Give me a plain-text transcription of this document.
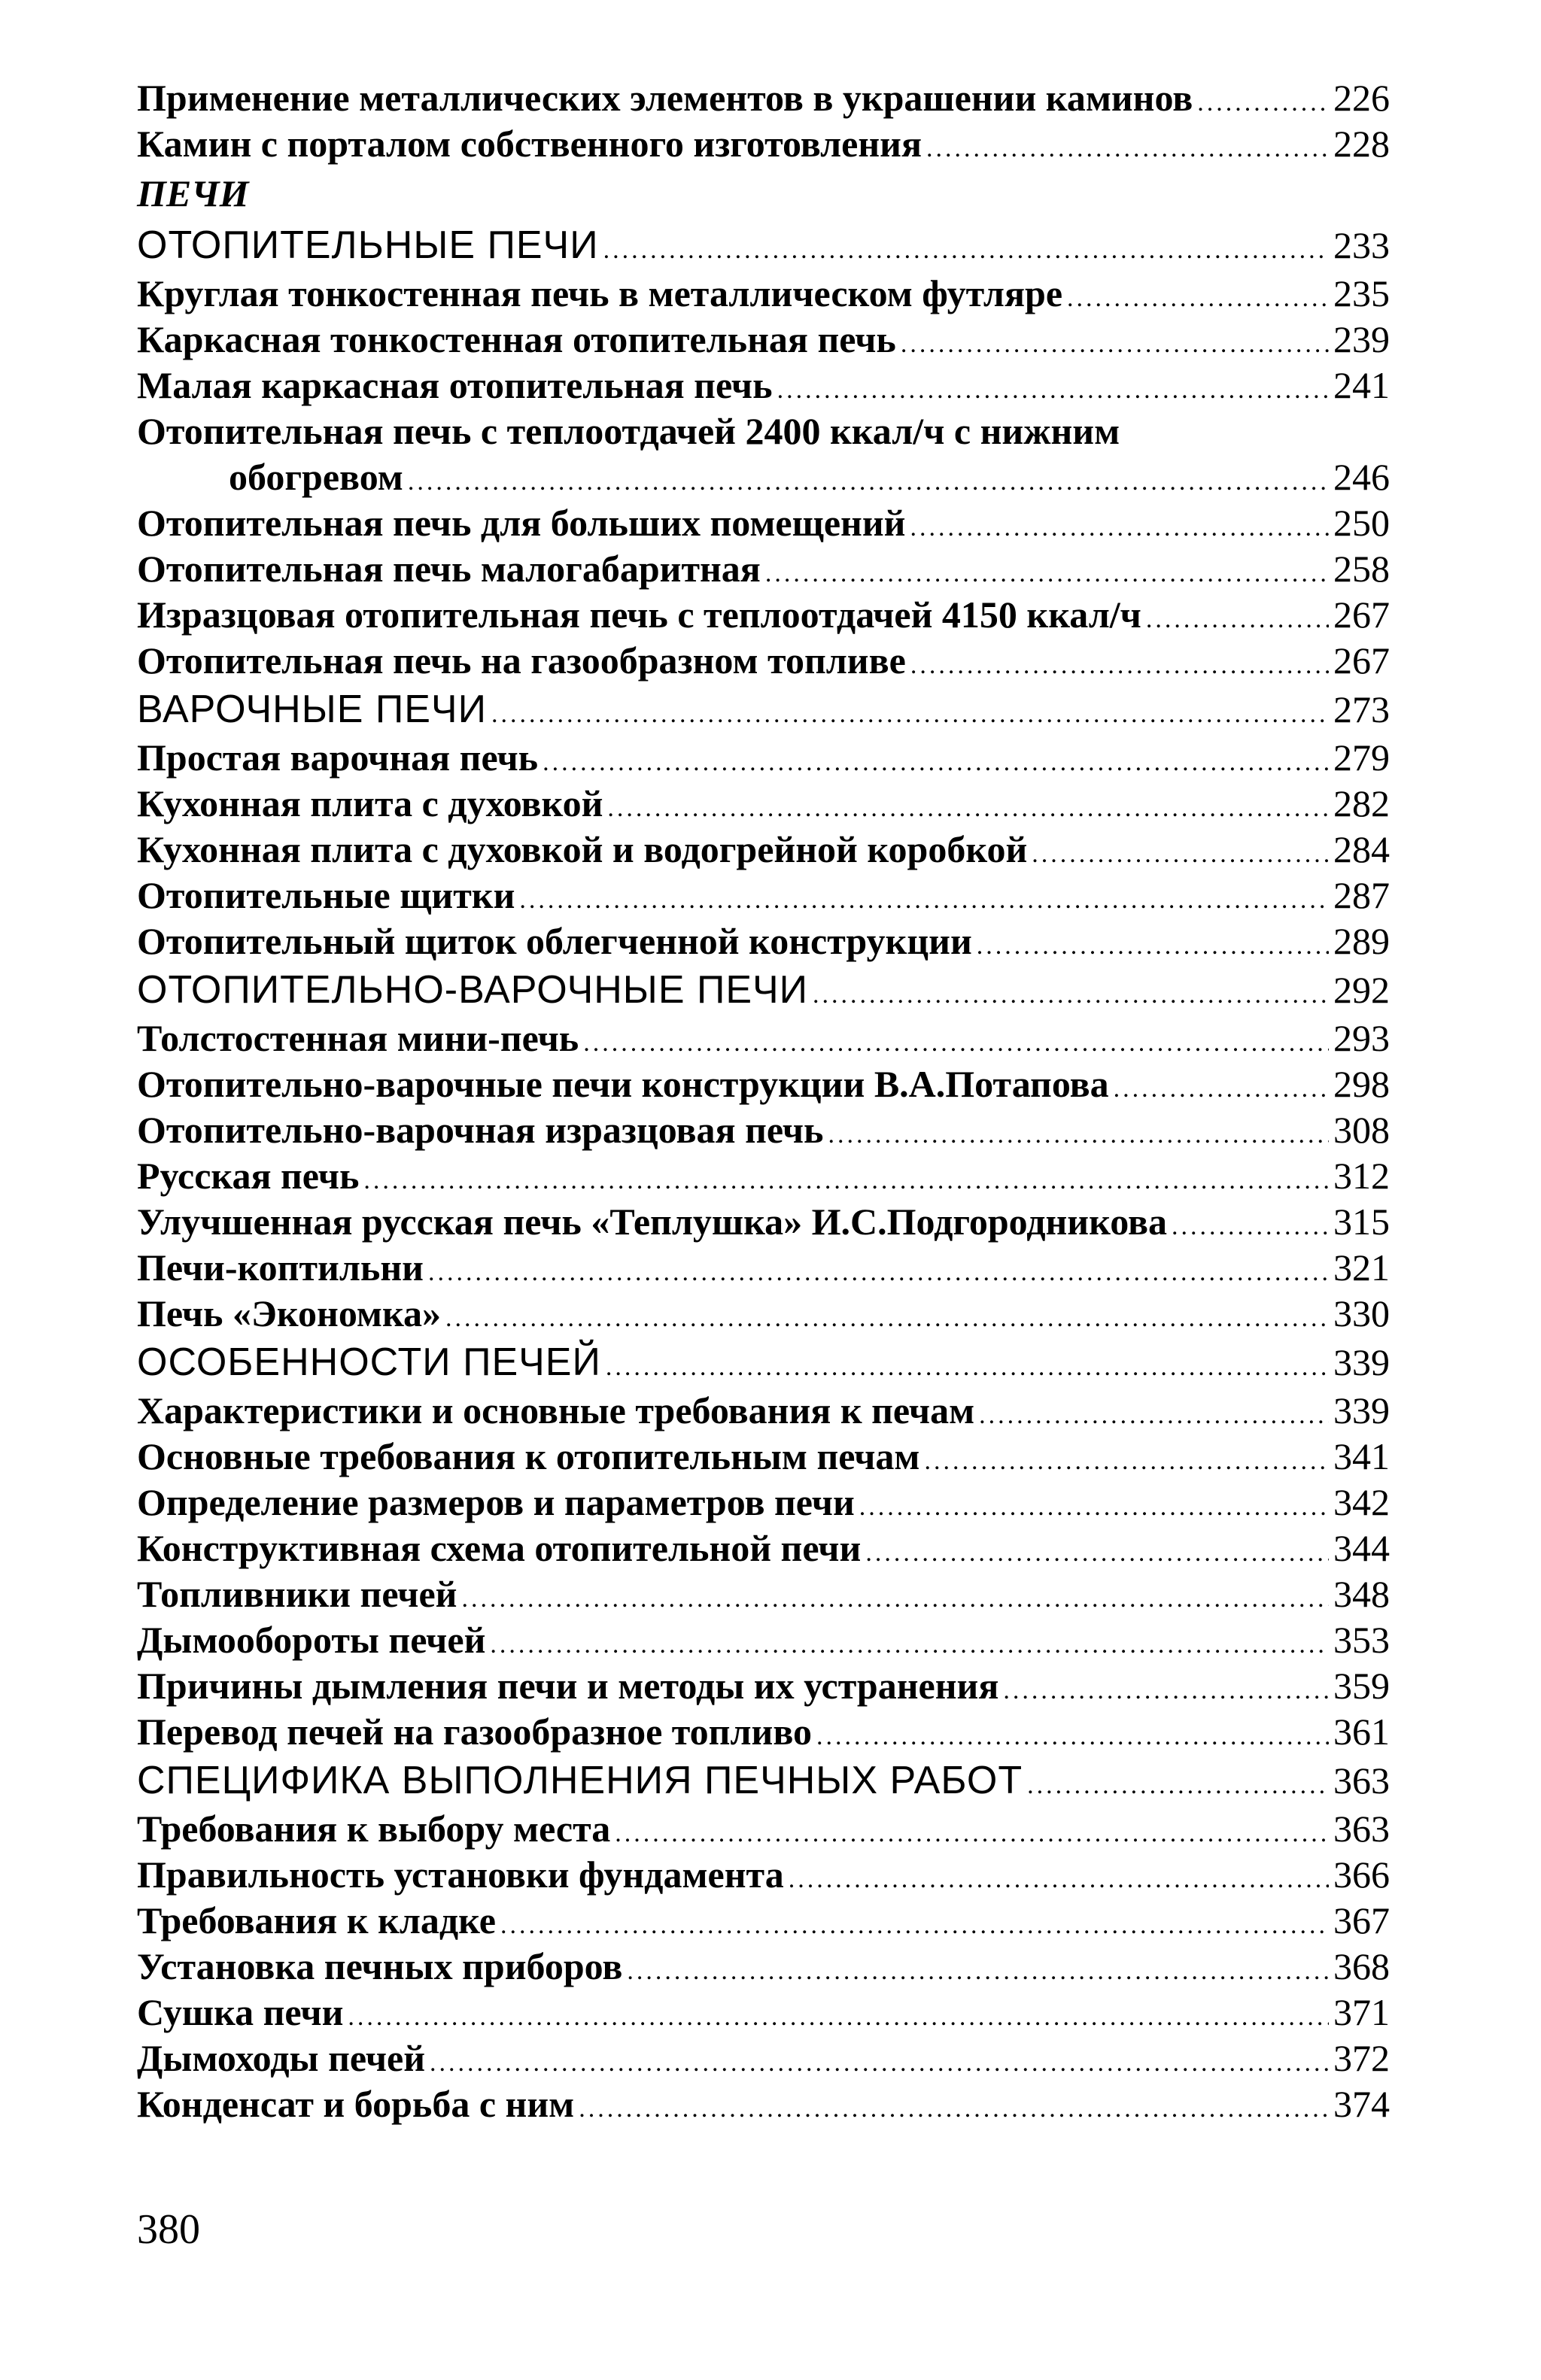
Применение металлических элементов в украшении каминов .....	226
Камин с порталом собственного изготовления .....	228
ПЕЧИ
ОТОПИТЕЛЬНЫЕ ПЕЧИ .....	233
Круглая тонкостенная печь в металлическом футляре .....	235
Каркасная тонкостенная отопительная печь .....	239
Малая каркасная отопительная печь .....	241
Отопительная печь с теплоотдачей 2400 ккал/ч с нижним
обогревом .....	246
Отопительная печь для больших помещений .....	250
Отопительная печь малогабаритная .....	258
Изразцовая отопительная печь с теплоотдачей 4150 ккал/ч .....	267
Отопительная печь на газообразном топливе .....	267
ВАРОЧНЫЕ ПЕЧИ .....	273
Простая варочная печь .....	279
Кухонная плита с духовкой .....	282
Кухонная плита с духовкой и водогрейной коробкой .....	284
Отопительные щитки .....	287
Отопительный щиток облегченной конструкции .....	289
ОТОПИТЕЛЬНО-ВАРОЧНЫЕ ПЕЧИ .....	292
Толстостенная мини-печь .....	293
Отопительно-варочные печи конструкции В.А.Потапова .....	298
Отопительно-варочная изразцовая печь .....	308
Русская печь .....	312
Улучшенная русская печь «Теплушка» И.С.Подгородникова .....	315
Печи-коптильни .....	321
Печь «Экономка» .....	330
ОСОБЕННОСТИ ПЕЧЕЙ .....	339
Характеристики и основные требования к печам .....	339
Основные требования к отопительным печам .....	341
Определение размеров и параметров печи .....	342
Конструктивная схема отопительной печи .....	344
Топливники печей .....	348
Дымообороты печей .....	353
Причины дымления печи и методы их устранения .....	359
Перевод печей на газообразное топливо .....	361
СПЕЦИФИКА ВЫПОЛНЕНИЯ ПЕЧНЫХ РАБОТ .....	363
Требования к выбору места .....	363
Правильность установки фундамента .....	366
Требования к кладке .....	367
Установка печных приборов .....	368
Сушка печи .....	371
Дымоходы печей .....	372
Конденсат и борьба с ним .....	374
380
